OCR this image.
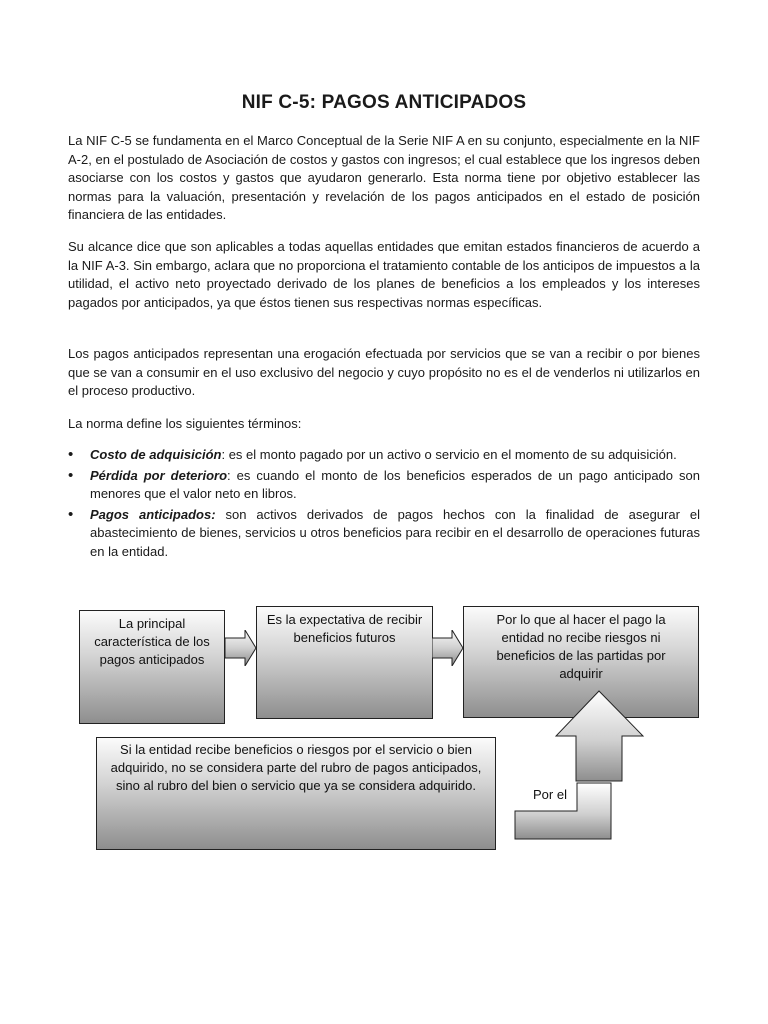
NIF C-5: PAGOS ANTICIPADOS

La NIF C-5 se fundamenta en el Marco Conceptual de la Serie NIF A en su conjunto, especialmente en la NIF A-2, en el postulado de Asociación de costos y gastos con ingresos; el cual establece que los ingresos deben asociarse con los costos y gastos que ayudaron generarlo. Esta norma tiene por objetivo establecer las normas para la valuación, presentación y revelación de los pagos anticipados en el estado de posición financiera de las entidades.

Su alcance dice que son aplicables a todas aquellas entidades que emitan estados financieros de acuerdo a la NIF A-3. Sin embargo, aclara que no proporciona el tratamiento contable de los anticipos de impuestos a la utilidad, el activo neto proyectado derivado de los planes de beneficios a los empleados y los intereses pagados por anticipados, ya que éstos tienen sus respectivas normas específicas.

Los pagos anticipados representan una erogación efectuada por servicios que se van a recibir o por bienes que se van a consumir en el uso exclusivo del negocio y cuyo propósito no es el de venderlos ni utilizarlos en el proceso productivo.

La norma define los siguientes términos:

• Costo de adquisición: es el monto pagado por un activo o servicio en el momento de su adquisición.
• Pérdida por deterioro: es cuando el monto de los beneficios esperados de un pago anticipado son menores que el valor neto en libros.
• Pagos anticipados: son activos derivados de pagos hechos con la finalidad de asegurar el abastecimiento de bienes, servicios u otros beneficios para recibir en el desarrollo de operaciones futuras en la entidad.
La principal característica de los pagos anticipados
Es la expectativa de recibir beneficios futuros
Por lo que al hacer el pago la entidad no recibe riesgos ni beneficios de las partidas por adquirir
Si la entidad recibe beneficios o riesgos por el servicio o bien adquirido, no se considera parte del rubro de pagos anticipados, sino al rubro del bien o servicio que ya se considera adquirido.
Por el
